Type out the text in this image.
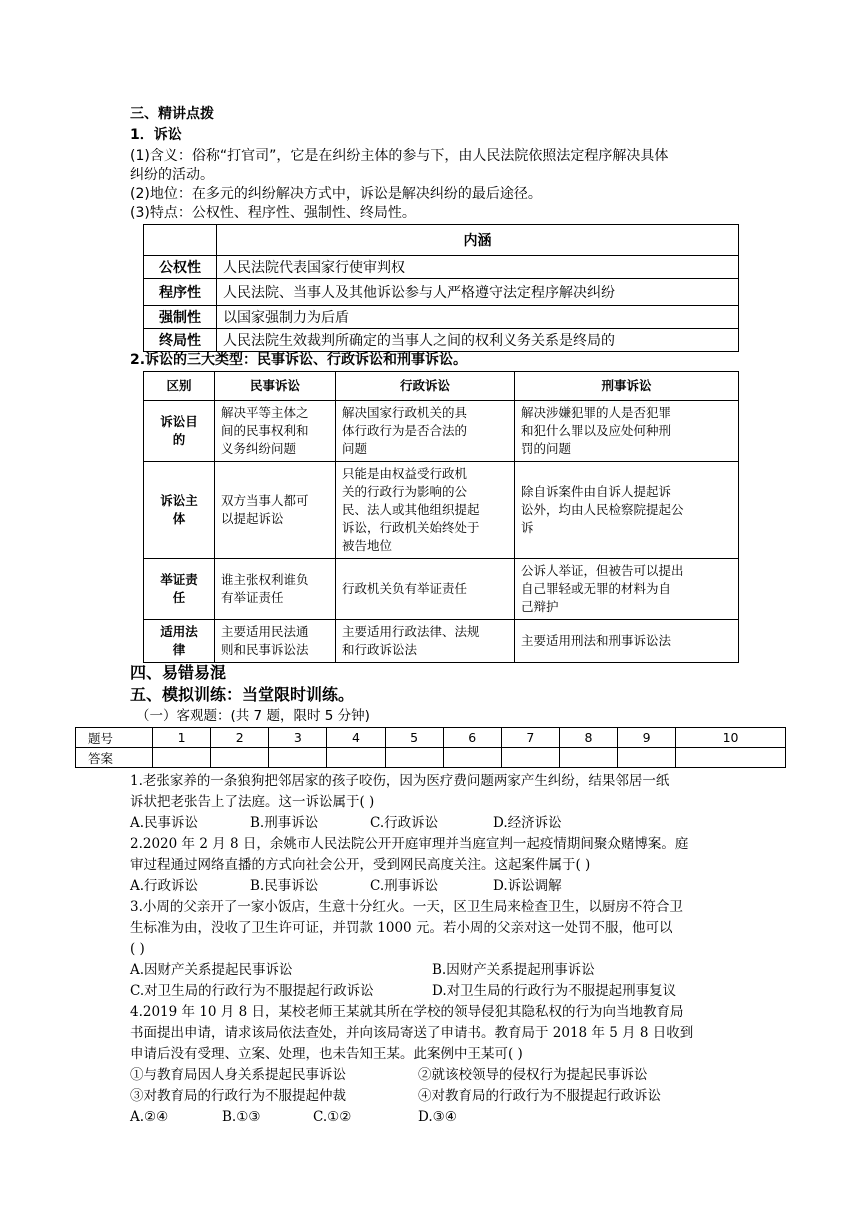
三、精讲点拨
1．诉讼
(1)含义：俗称“打官司”，它是在纠纷主体的参与下，由人民法院依照法定程序解决具体
纠纷的活动。
(2)地位：在多元的纠纷解决方式中，诉讼是解决纠纷的最后途径。
(3)特点：公权性、程序性、强制性、终局性。
	内涵
公权性	人民法院代表国家行使审判权
程序性	人民法院、当事人及其他诉讼参与人严格遵守法定程序解决纠纷
强制性	以国家强制力为后盾
终局性	人民法院生效裁判所确定的当事人之间的权利义务关系是终局的
2.诉讼的三大类型：民事诉讼、行政诉讼和刑事诉讼。
区别	民事诉讼	行政诉讼	刑事诉讼
诉讼目
的	解决平等主体之
间的民事权利和
义务纠纷问题	解决国家行政机关的具
体行政行为是否合法的
问题	解决涉嫌犯罪的人是否犯罪
和犯什么罪以及应处何种刑
罚的问题
诉讼主
体	双方当事人都可
以提起诉讼	只能是由权益受行政机
关的行政行为影响的公
民、法人或其他组织提起
诉讼，行政机关始终处于
被告地位	除自诉案件由自诉人提起诉
讼外，均由人民检察院提起公
诉
举证责
任	谁主张权利谁负
有举证责任	行政机关负有举证责任	公诉人举证，但被告可以提出
自己罪轻或无罪的材料为自
己辩护
适用法
律	主要适用民法通
则和民事诉讼法	主要适用行政法律、法规
和行政诉讼法	主要适用刑法和刑事诉讼法
四、易错易混
五、模拟训练：当堂限时训练。
（一）客观题：(共 7 题，限时 5 分钟)
题号	1	2	3	4	5	6	7	8	9	10
答案										
1.老张家养的一条狼狗把邻居家的孩子咬伤，因为医疗费问题两家产生纠纷，结果邻居一纸
诉状把老张告上了法庭。这一诉讼属于( )
A.民事诉讼	B.刑事诉讼	C.行政诉讼	D.经济诉讼
2.2020 年 2 月 8 日，余姚市人民法院公开开庭审理并当庭宣判一起疫情期间聚众赌博案。庭
审过程通过网络直播的方式向社会公开，受到网民高度关注。这起案件属于( )
A.行政诉讼	B.民事诉讼	C.刑事诉讼	D.诉讼调解
3.小周的父亲开了一家小饭店，生意十分红火。一天，区卫生局来检查卫生，以厨房不符合卫
生标准为由，没收了卫生许可证，并罚款 1000 元。若小周的父亲对这一处罚不服，他可以
( )
A.因财产关系提起民事诉讼	B.因财产关系提起刑事诉讼
C.对卫生局的行政行为不服提起行政诉讼	D.对卫生局的行政行为不服提起刑事复议
4.2019 年 10 月 8 日，某校老师王某就其所在学校的领导侵犯其隐私权的行为向当地教育局
书面提出申请，请求该局依法查处，并向该局寄送了申请书。教育局于 2018 年 5 月 8 日收到
申请后没有受理、立案、处理，也未告知王某。此案例中王某可( )
①与教育局因人身关系提起民事诉讼	②就该校领导的侵权行为提起民事诉讼
③对教育局的行政行为不服提起仲裁	④对教育局的行政行为不服提起行政诉讼
A.②④	B.①③	C.①②	D.③④
